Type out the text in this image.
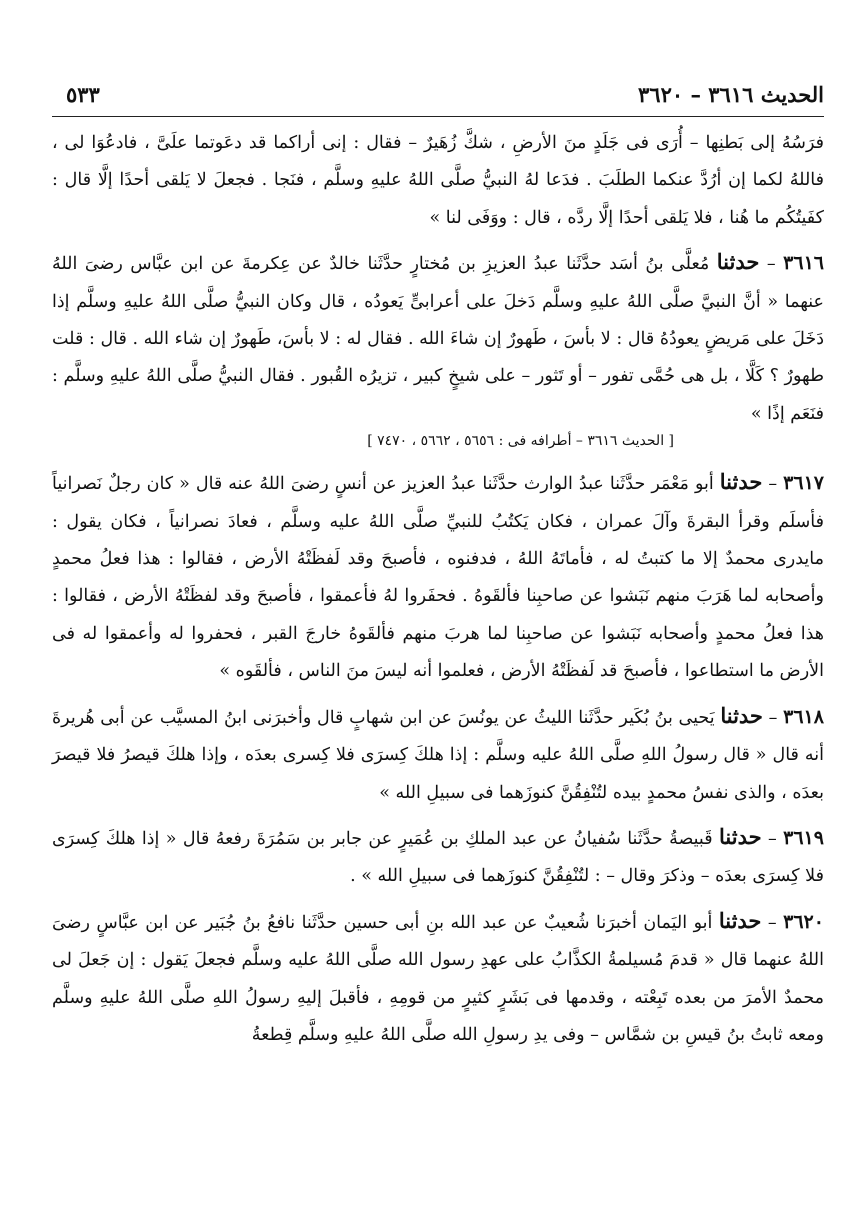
الحديث ٣٦١٦ – ٣٦٢٠
٥٣٣

فرَسُهُ إلى بَطنِها – أُرَى فى جَلَدٍ منَ الأرضِ ، شكَّ زُهَيرٌ – فقال : إنى أراكما قد دعَوتما علَىَّ ، فادعُوَا لى ، فاللهُ لكما إن أرُدَّ عنكما الطلَبَ . فدَعا لهُ النبيُّ صلَّى اللهُ عليهِ وسلَّم ، فنَجا . فجعلَ لا يَلقى أحدًا إلَّا قال : كفَيتُكُم ما هُنا ، فلا يَلقى أحدًا إلَّا ردَّه ، قال : ووَفَى لنا »

٣٦١٦ – حدثنا مُعلَّى بنُ أسَد حدَّثَنا عبدُ العزيزِ بن مُختارٍ حدَّثَنا خالدٌ عن عِكرمةَ عن ابن عبَّاس رضىَ اللهُ عنهما « أنَّ النبيَّ صلَّى اللهُ عليهِ وسلَّم دَخلَ على أعرابىٍّ يَعودُه ، قال وكان النبيُّ صلَّى اللهُ عليهِ وسلَّم إذا دَخَلَ على مَريضٍ يعودُهُ قال : لا بأسَ ، طَهورٌ إن شاءَ الله . فقال له : لا بأسَ، طَهورٌ إن شاء الله . قال : قلت طهورٌ ؟ كَلَّا ، بل هى حُمَّى تفور – أو تَثور – على شيخٍ كبير ، تزيرُه القُبور . فقال النبيُّ صلَّى اللهُ عليهِ وسلَّم : فنَعَم إذًا »

[ الحديث ٣٦١٦ – أطرافه فى : ٥٦٥٦ ، ٥٦٦٢ ، ٧٤٧٠ ]

٣٦١٧ – حدثنا أبو مَعْمَر حدَّثَنا عبدُ الوارث حدَّثَنا عبدُ العزيز عن أنسٍ رضىَ اللهُ عنه قال « كان رجلٌ نَصرانياً فأسلَم وقرأ البقرةَ وآلَ عمران ، فكان يَكتُبُ للنبيِّ صلَّى اللهُ عليه وسلَّم ، فعادَ نصرانياً ، فكان يقول : مايدرى محمدٌ إلا ما كتبتُ له ، فأماتَهُ اللهُ ، فدفنوه ، فأصبحَ وقد لَفظَتْهُ الأرض ، فقالوا : هذا فعلُ محمدٍ وأصحابه لما هَرَبَ منهم نَبَشوا عن صاحبِنا فألقَوهُ . فحفَروا لهُ فأعمقوا ، فأصبحَ وقد لفظَتْهُ الأرض ، فقالوا : هذا فعلُ محمدٍ وأصحابه نَبَشوا عن صاحبِنا لما هربَ منهم فألقَوهُ خارجَ القبر ، فحفروا له وأعمقوا له فى الأرض ما استطاعوا ، فأصبحَ قد لَفظَتْهُ الأرض ، فعلموا أنه ليسَ منَ الناس ، فألقَوه »

٣٦١٨ – حدثنا يَحيى بنُ بُكَير حدَّثَنا الليثُ عن يونُسَ عن ابن شهابٍ قال وأخبرَنى ابنُ المسيَّب عن أبى هُريرةَ أنه قال « قال رسولُ اللهِ صلَّى اللهُ عليه وسلَّم : إذا هلكَ كِسرَى فلا كِسرى بعدَه ، وإذا هلكَ قيصرُ فلا قيصرَ بعدَه ، والذى نفسُ محمدٍ بيده لتُنْفِقُنَّ كنوزَهما فى سبيلِ الله »

٣٦١٩ – حدثنا قَبيصةُ حدَّثَنا سُفيانُ عن عبد الملكِ بن عُمَيرٍ عن جابر بن سَمُرَةَ رفعهُ قال « إذا هلكَ كِسرَى فلا كِسرَى بعدَه – وذكرَ وقال – : لتُنْفِقُنَّ كنوزَهما فى سبيلِ الله » .

٣٦٢٠ – حدثنا أبو اليَمان أخبرَنا شُعيبٌ عن عبد الله بنِ أبى حسين حدَّثَنا نافعُ بنُ جُبَير عن ابن عبَّاسٍ رضىَ اللهُ عنهما قال « قدمَ مُسيلمةُ الكذَّابُ على عهدِ رسول الله صلَّى اللهُ عليه وسلَّم فجعلَ يَقول : إن جَعلَ لى محمدٌ الأمرَ من بعده تَبِعْته ، وقدمها فى بَشَرٍ كثيرٍ من قومِهِ ، فأقبلَ إليهِ رسولُ اللهِ صلَّى اللهُ عليهِ وسلَّم ومعه ثابتُ بنُ قيسِ بن شمَّاس – وفى يدِ رسولِ الله صلَّى اللهُ عليهِ وسلَّم قِطعةُ
